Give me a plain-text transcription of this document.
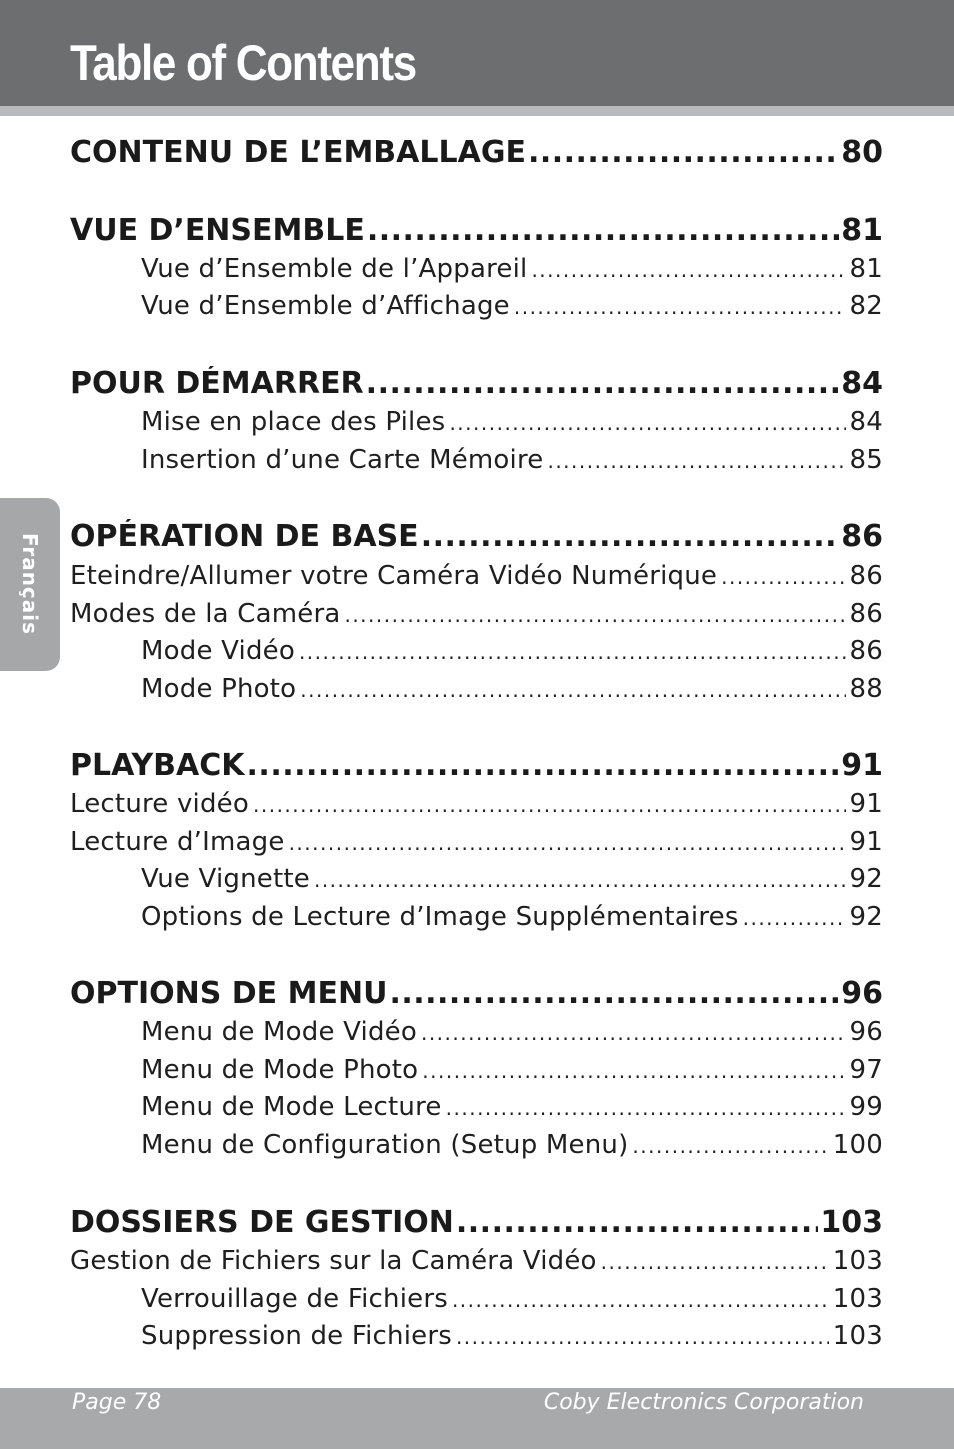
Table of Contents
Français
CONTENU DE L’EMBALLAGE .....	80
VUE D’ENSEMBLE .....	81
Vue d’Ensemble de l’Appareil .....	81
Vue d’Ensemble d’Affichage .....	82
POUR DÉMARRER .....	84
Mise en place des Piles .....	84
Insertion d’une Carte Mémoire .....	85
OPÉRATION DE BASE .....	86
Eteindre/Allumer votre Caméra Vidéo Numérique .....	86
Modes de la Caméra .....	86
Mode Vidéo .....	86
Mode Photo .....	88
PLAYBACK .....	91
Lecture vidéo .....	91
Lecture d’Image .....	91
Vue Vignette .....	92
Options de Lecture d’Image Supplémentaires .....	92
OPTIONS DE MENU .....	96
Menu de Mode Vidéo .....	96
Menu de Mode Photo .....	97
Menu de Mode Lecture .....	99
Menu de Configuration (Setup Menu) .....	100
DOSSIERS DE GESTION .....	103
Gestion de Fichiers sur la Caméra Vidéo .....	103
Verrouillage de Fichiers .....	103
Suppression de Fichiers .....	103
Page 78	Coby Electronics Corporation
